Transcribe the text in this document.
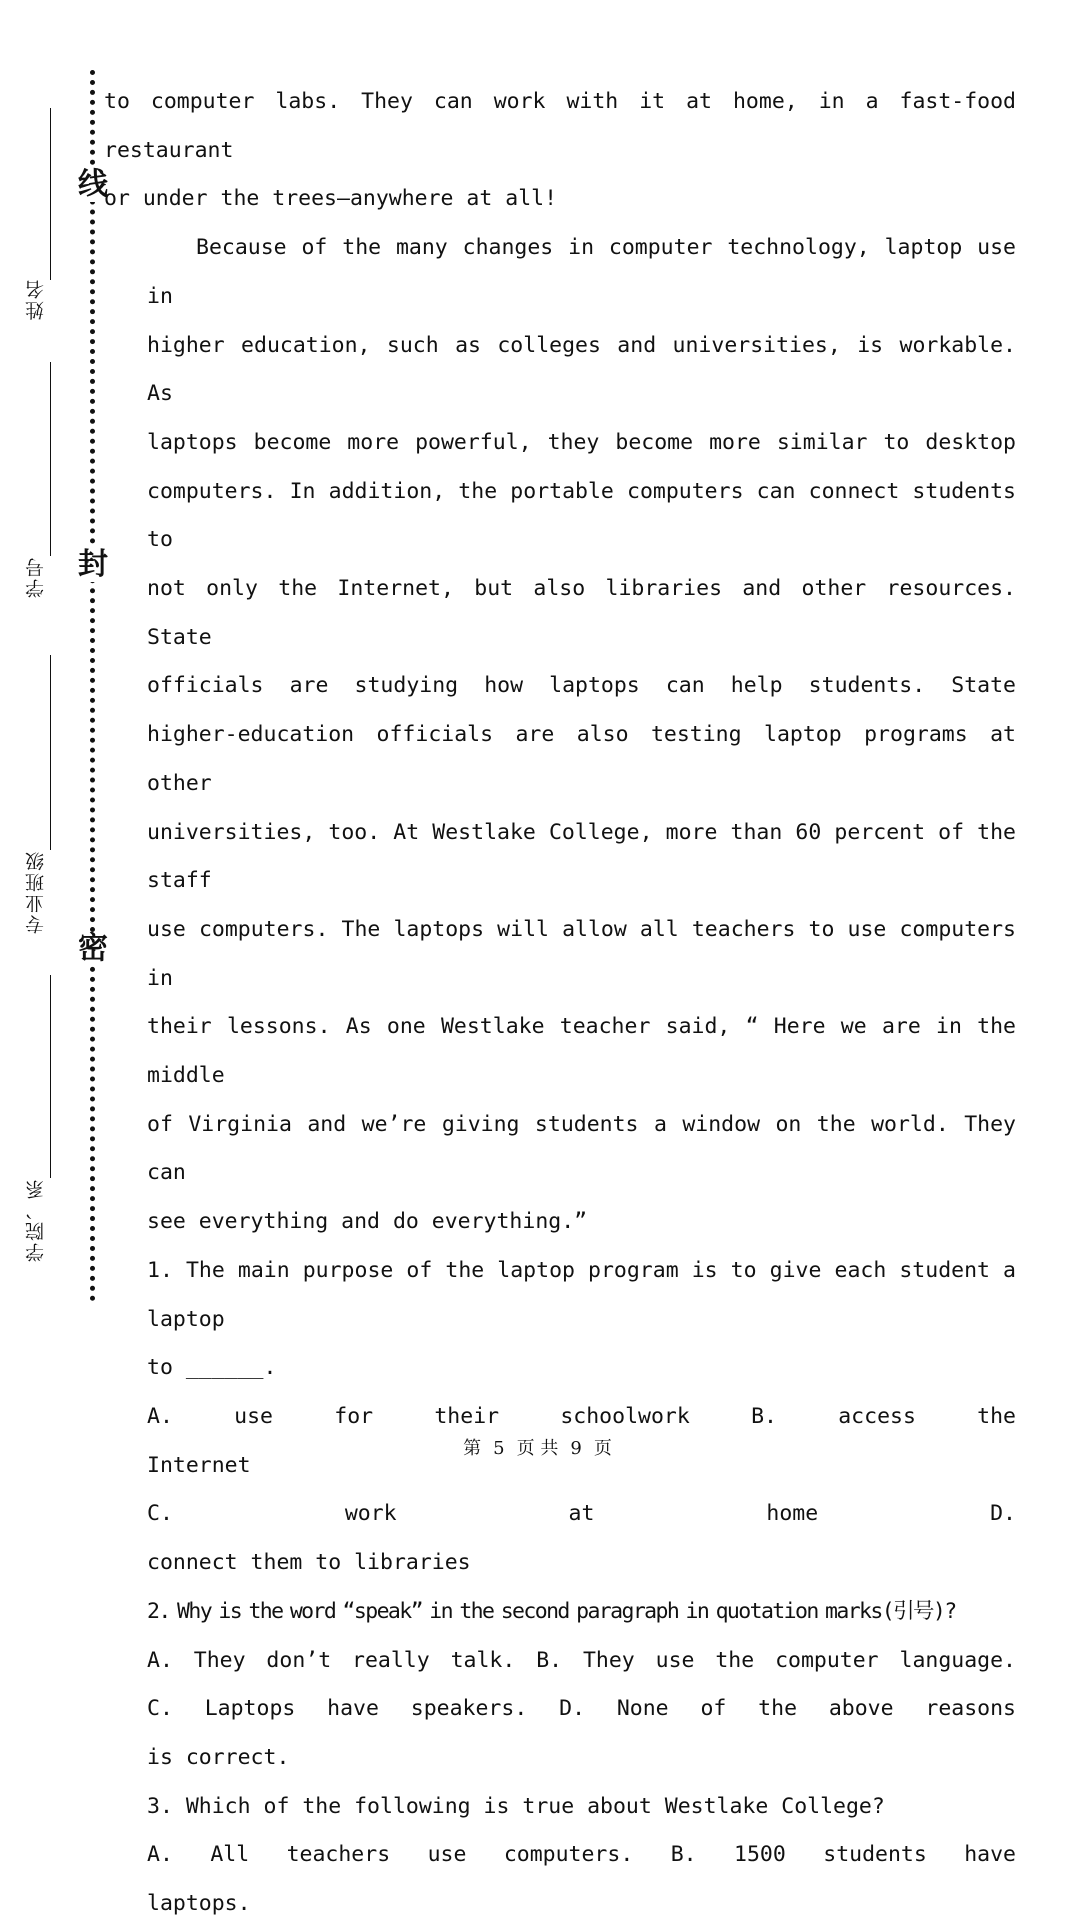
线
封
密
姓名
学号
专业班级
学院、系

to computer labs. They can work with it at home, in a fast-food restaurant

or under the trees—anywhere at all!

Because of the many changes in computer technology, laptop use in

higher education, such as colleges and universities, is workable. As

laptops become more powerful, they become more similar to desktop

computers. In addition, the portable computers can connect students to

not only the Internet, but also libraries and other resources. State

officials are studying how laptops can help students. State

higher-education officials are also testing laptop programs at other

universities, too. At Westlake College, more than 60 percent of the staff

use computers. The laptops will allow all teachers to use computers in

their lessons. As one Westlake teacher said, “ Here we are in the middle

of Virginia and we’re giving students a window on the world. They can

see everything and do everything.”

1. The main purpose of the laptop program is to give each student a laptop

to ______.

A. use for their schoolwork	B. access the

Internet

C. work at home	D.

connect them to libraries

2. Why is the word “speak” in the second paragraph in quotation marks(引号)?

A. They don’t really talk. B. They use the computer language.

C. Laptops have speakers. D. None of the above reasons

is correct.

3. Which of the following is true about Westlake College?

A. All teachers use computers. B. 1500 students have

laptops.

第 5 页 共 9 页
